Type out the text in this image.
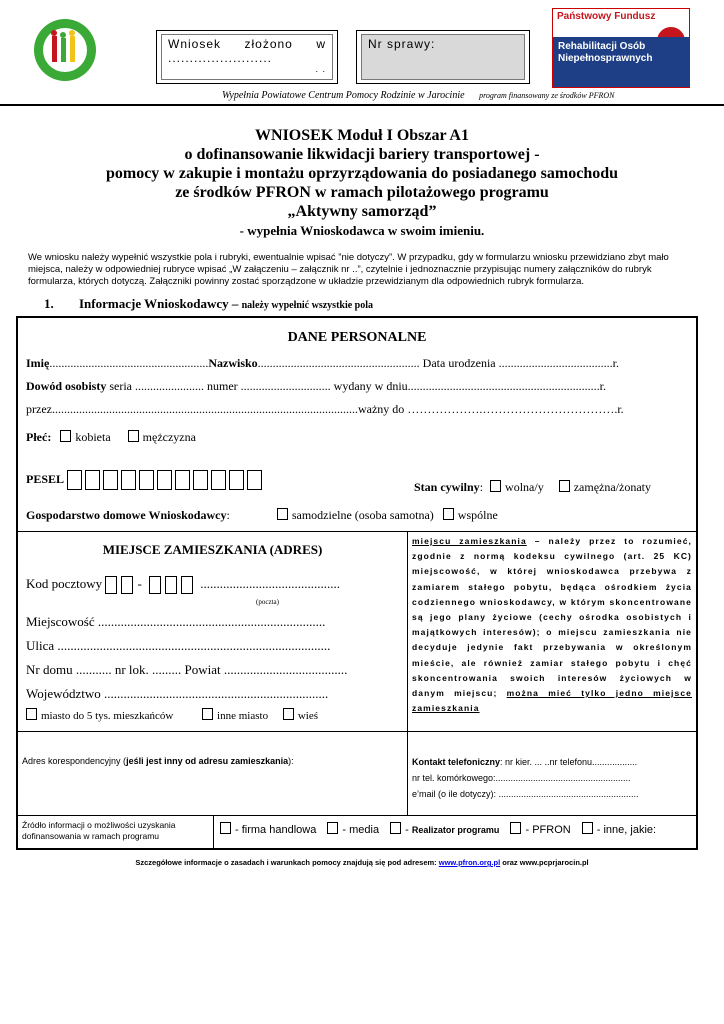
Wniosek złożono w
........................
. .
Nr sprawy:
Państwowy Fundusz
Rehabilitacji Osób
Niepełnosprawnych
Wypełnia Powiatowe Centrum Pomocy Rodzinie w Jarocinie program finansowany ze środków PFRON
WNIOSEK Moduł I Obszar A1
o dofinansowanie likwidacji bariery transportowej -
pomocy w zakupie i montażu oprzyrządowania do posiadanego samochodu
ze środków PFRON w ramach pilotażowego programu
„Aktywny samorząd”
- wypełnia Wnioskodawca w swoim imieniu.
We wniosku należy wypełnić wszystkie pola i rubryki, ewentualnie wpisać ”nie dotyczy”. W przypadku, gdy w formularzu wniosku przewidziano zbyt mało miejsca, należy w odpowiedniej rubryce wpisać „W załączeniu – załącznik nr ..”, czytelnie i jednoznacznie przypisując numery załączników do rubryk formularza, których dotyczą. Załączniki powinny zostać sporządzone w układzie przewidzianym dla odpowiednich rubryk formularza.
1. Informacje Wnioskodawcy – należy wypełnić wszystkie pola
DANE PERSONALNE
Imię.....................................................Nazwisko...................................................... Data urodzenia ......................................r.
Dowód osobisty seria ....................... numer .............................. wydany w dniu................................................................r.
przez......................................................................................................ważny do ……………….…………………………….r.
Płeć: kobieta	mężczyzna
PESEL
Stan cywilny: wolna/y	zamężna/żonaty
Gospodarstwo domowe Wnioskodawcy:	samodzielne (osoba samotna) wspólne
MIEJSCE ZAMIESZKANIA (ADRES)
Kod pocztowy	-	...........................................
(poczta)
Miejscowość ......................................................................
Ulica ....................................................................................
Nr domu ........... nr lok. ......... Powiat ......................................
Województwo .....................................................................
miasto do 5 tys. mieszkańców	inne miasto	wieś
miejscu zamieszkania – należy przez to rozumieć, zgodnie z normą kodeksu cywilnego (art. 25 KC) miejscowość, w której wnioskodawca przebywa z zamiarem stałego pobytu, będąca ośrodkiem życia codziennego wnioskodawcy, w którym skoncentrowane są jego plany życiowe (cechy ośrodka osobistych i majątkowych interesów); o miejscu zamieszkania nie decyduje jedynie fakt przebywania w określonym mieście, ale również zamiar stałego pobytu i chęć skoncentrowania swoich interesów życiowych w danym miejscu; można mieć tylko jedno miejsce zamieszkania
Adres korespondencyjny (jeśli jest inny od adresu zamieszkania):	Kontakt telefoniczny: nr kier. ... ..nr telefonu..................
nr tel. komórkowego:......................................................
e’mail (o ile dotyczy): ........................................................
Źródło informacji o możliwości uzyskania dofinansowania w ramach programu	- firma handlowa - media - Realizator programu - PFRON - inne, jakie:
Szczegółowe informacje o zasadach i warunkach pomocy znajdują się pod adresem: www.pfron.org.pl oraz www.pcprjarocin.pl
